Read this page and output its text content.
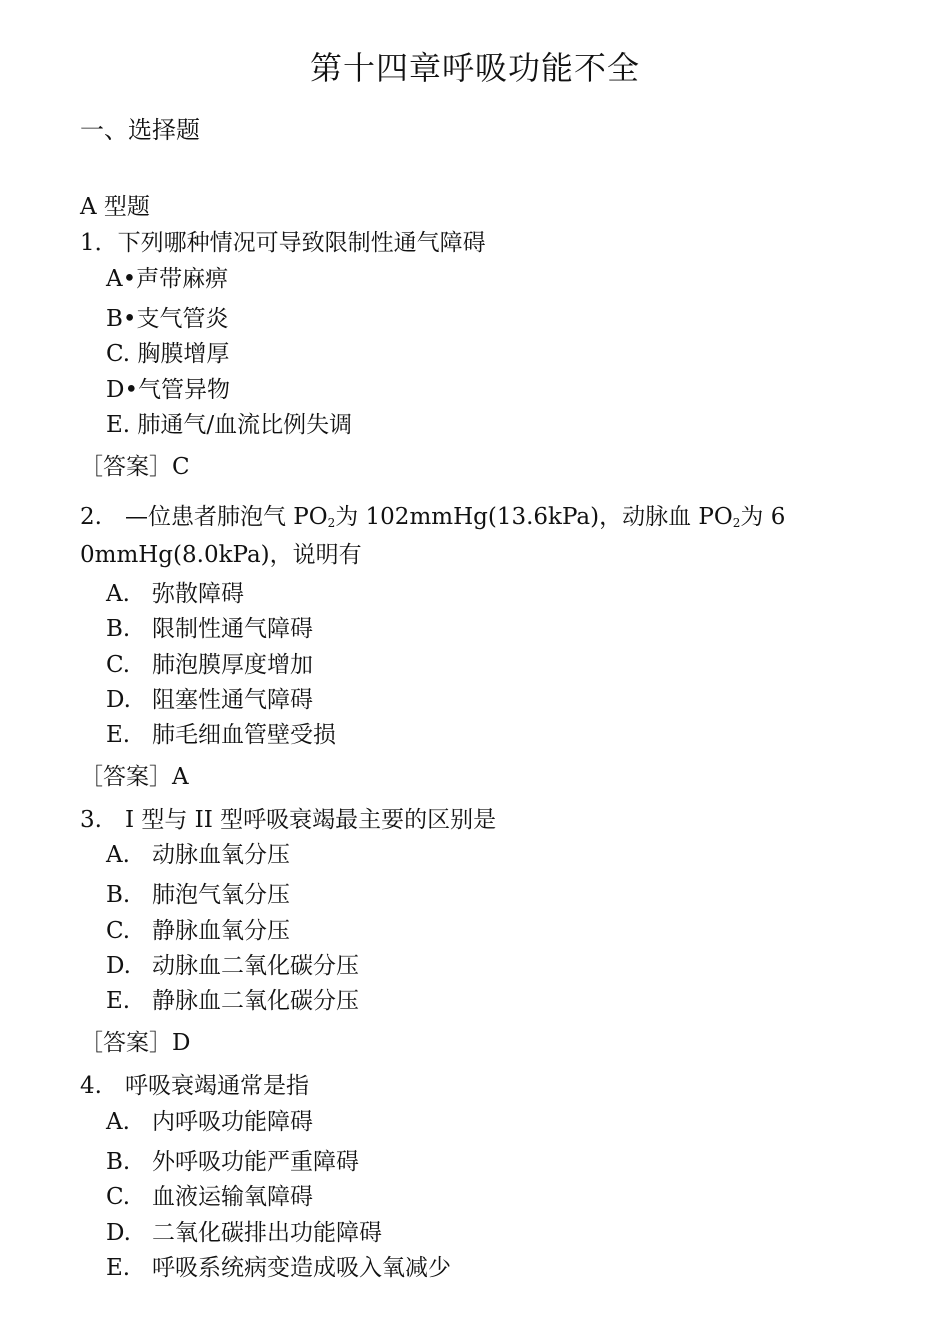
第十四章呼吸功能不全
一、选择题
A 型题
1．下列哪种情况可导致限制性通气障碍
A•声带麻痹
B•支气管炎
C. 胸膜增厚
D•气管异物
E. 肺通气/血流比例失调
［答案］C
2.　—位患者肺泡气 $PO_2$为 102mmHg(13.6kPa)，动脉血 $PO_2$为 6
0mmHg(8.0kPa)，说明有
A. 弥散障碍
B. 限制性通气障碍
C. 肺泡膜厚度增加
D. 阻塞性通气障碍
E. 肺毛细血管壁受损
［答案］A
3.　I 型与 II 型呼吸衰竭最主要的区别是
A. 动脉血氧分压
B. 肺泡气氧分压
C. 静脉血氧分压
D. 动脉血二氧化碳分压
E. 静脉血二氧化碳分压
［答案］D
4.　呼吸衰竭通常是指
A. 内呼吸功能障碍
B. 外呼吸功能严重障碍
C. 血液运输氧障碍
D. 二氧化碳排出功能障碍
E. 呼吸系统病变造成吸入氧减少
